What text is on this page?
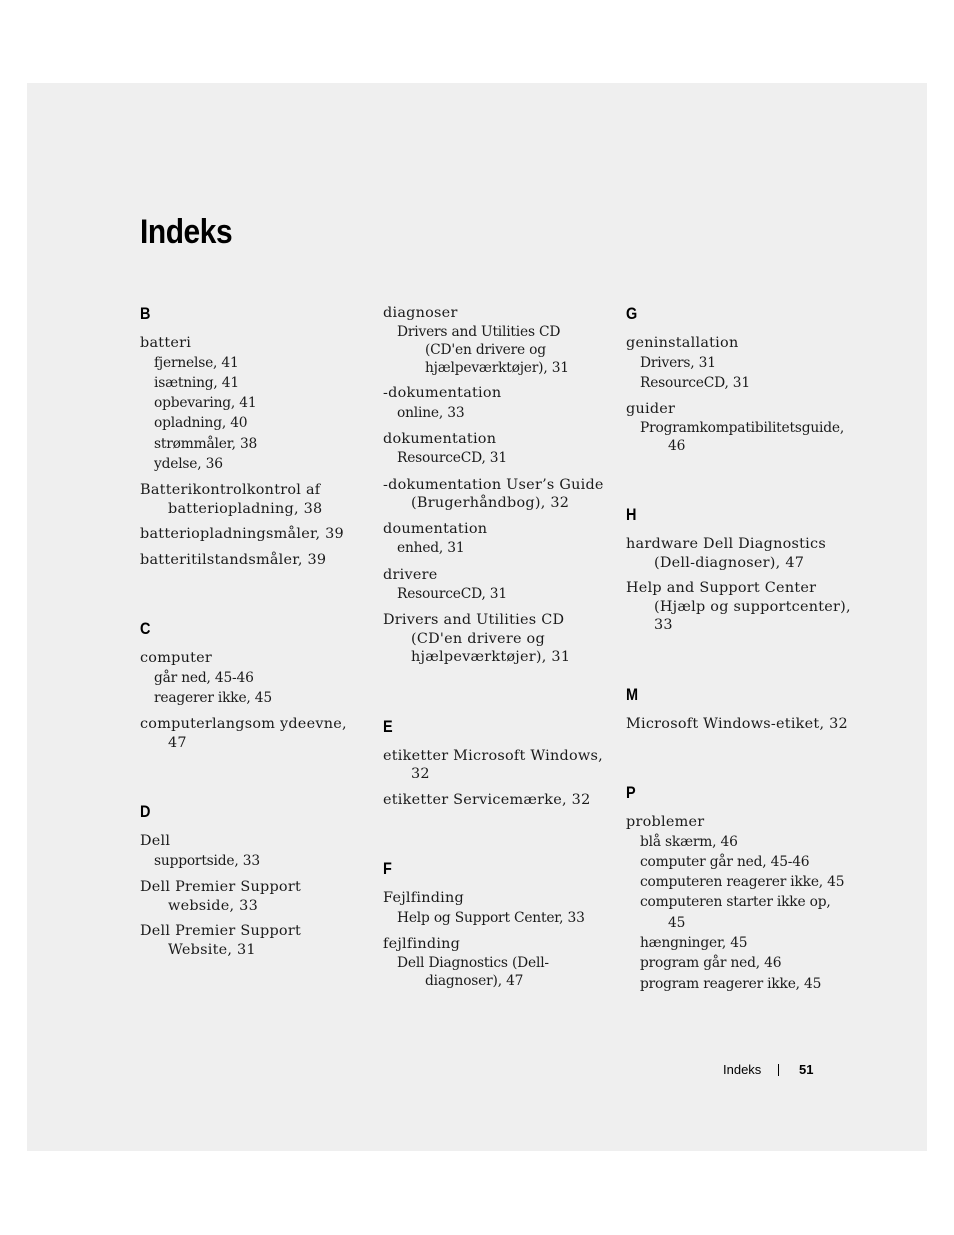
Indeks
B
batteri
fjernelse, 41
isætning, 41
opbevaring, 41
opladning, 40
strømmåler, 38
ydelse, 36
Batterikontrolkontrol af batteriopladning, 38
batteriopladningsmåler, 39
batteritilstandsmåler, 39
C
computer
går ned, 45-46
reagerer ikke, 45
computerlangsom ydeevne, 47
D
Dell
supportside, 33
Dell Premier Support webside, 33
Dell Premier Support Website, 31
diagnoser
Drivers and Utilities CD (CD'en drivere og hjælpeværktøjer), 31
-dokumentation
online, 33
dokumentation
ResourceCD, 31
-dokumentation User’s Guide (Brugerhåndbog), 32
doumentation
enhed, 31
drivere
ResourceCD, 31
Drivers and Utilities CD (CD'en drivere og hjælpeværktøjer), 31
E
etiketter Microsoft Windows, 32
etiketter Servicemærke, 32
F
Fejlfinding
Help og Support Center, 33
fejlfinding
Dell Diagnostics (Dell-diagnoser), 47
G
geninstallation
Drivers, 31
ResourceCD, 31
guider
Programkompatibilitetsguide, 46
H
hardware Dell Diagnostics (Dell-diagnoser), 47
Help and Support Center (Hjælp og supportcenter), 33
M
Microsoft Windows-etiket, 32
P
problemer
blå skærm, 46
computer går ned, 45-46
computeren reagerer ikke, 45
computeren starter ikke op, 45
hængninger, 45
program går ned, 46
program reagerer ikke, 45
Indeks	51
